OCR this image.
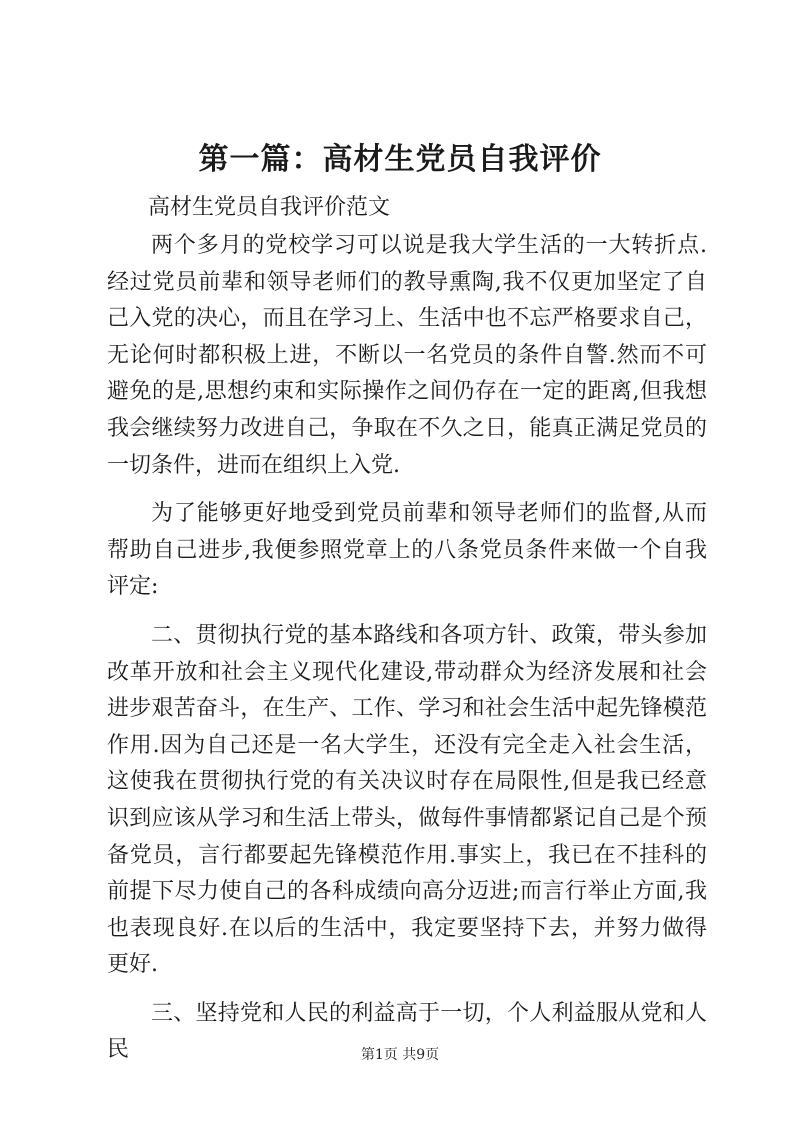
第一篇：高材生党员自我评价
高材生党员自我评价范文

两个多月的党校学习可以说是我大学生活的一大转折点.经过党员前辈和领导老师们的教导熏陶,我不仅更加坚定了自己入党的决心，而且在学习上、生活中也不忘严格要求自己，无论何时都积极上进，不断以一名党员的条件自警.然而不可避免的是,思想约束和实际操作之间仍存在一定的距离,但我想我会继续努力改进自己，争取在不久之日，能真正满足党员的一切条件，进而在组织上入党.

为了能够更好地受到党员前辈和领导老师们的监督,从而帮助自己进步,我便参照党章上的八条党员条件来做一个自我评定:

二、贯彻执行党的基本路线和各项方针、政策，带头参加改革开放和社会主义现代化建设,带动群众为经济发展和社会进步艰苦奋斗，在生产、工作、学习和社会生活中起先锋模范作用.因为自己还是一名大学生，还没有完全走入社会生活，这使我在贯彻执行党的有关决议时存在局限性,但是我已经意识到应该从学习和生活上带头，做每件事情都紧记自己是个预备党员，言行都要起先锋模范作用.事实上，我已在不挂科的前提下尽力使自己的各科成绩向高分迈进;而言行举止方面,我也表现良好.在以后的生活中，我定要坚持下去，并努力做得更好.

三、坚持党和人民的利益高于一切，个人利益服从党和人民	第1页 共9页
